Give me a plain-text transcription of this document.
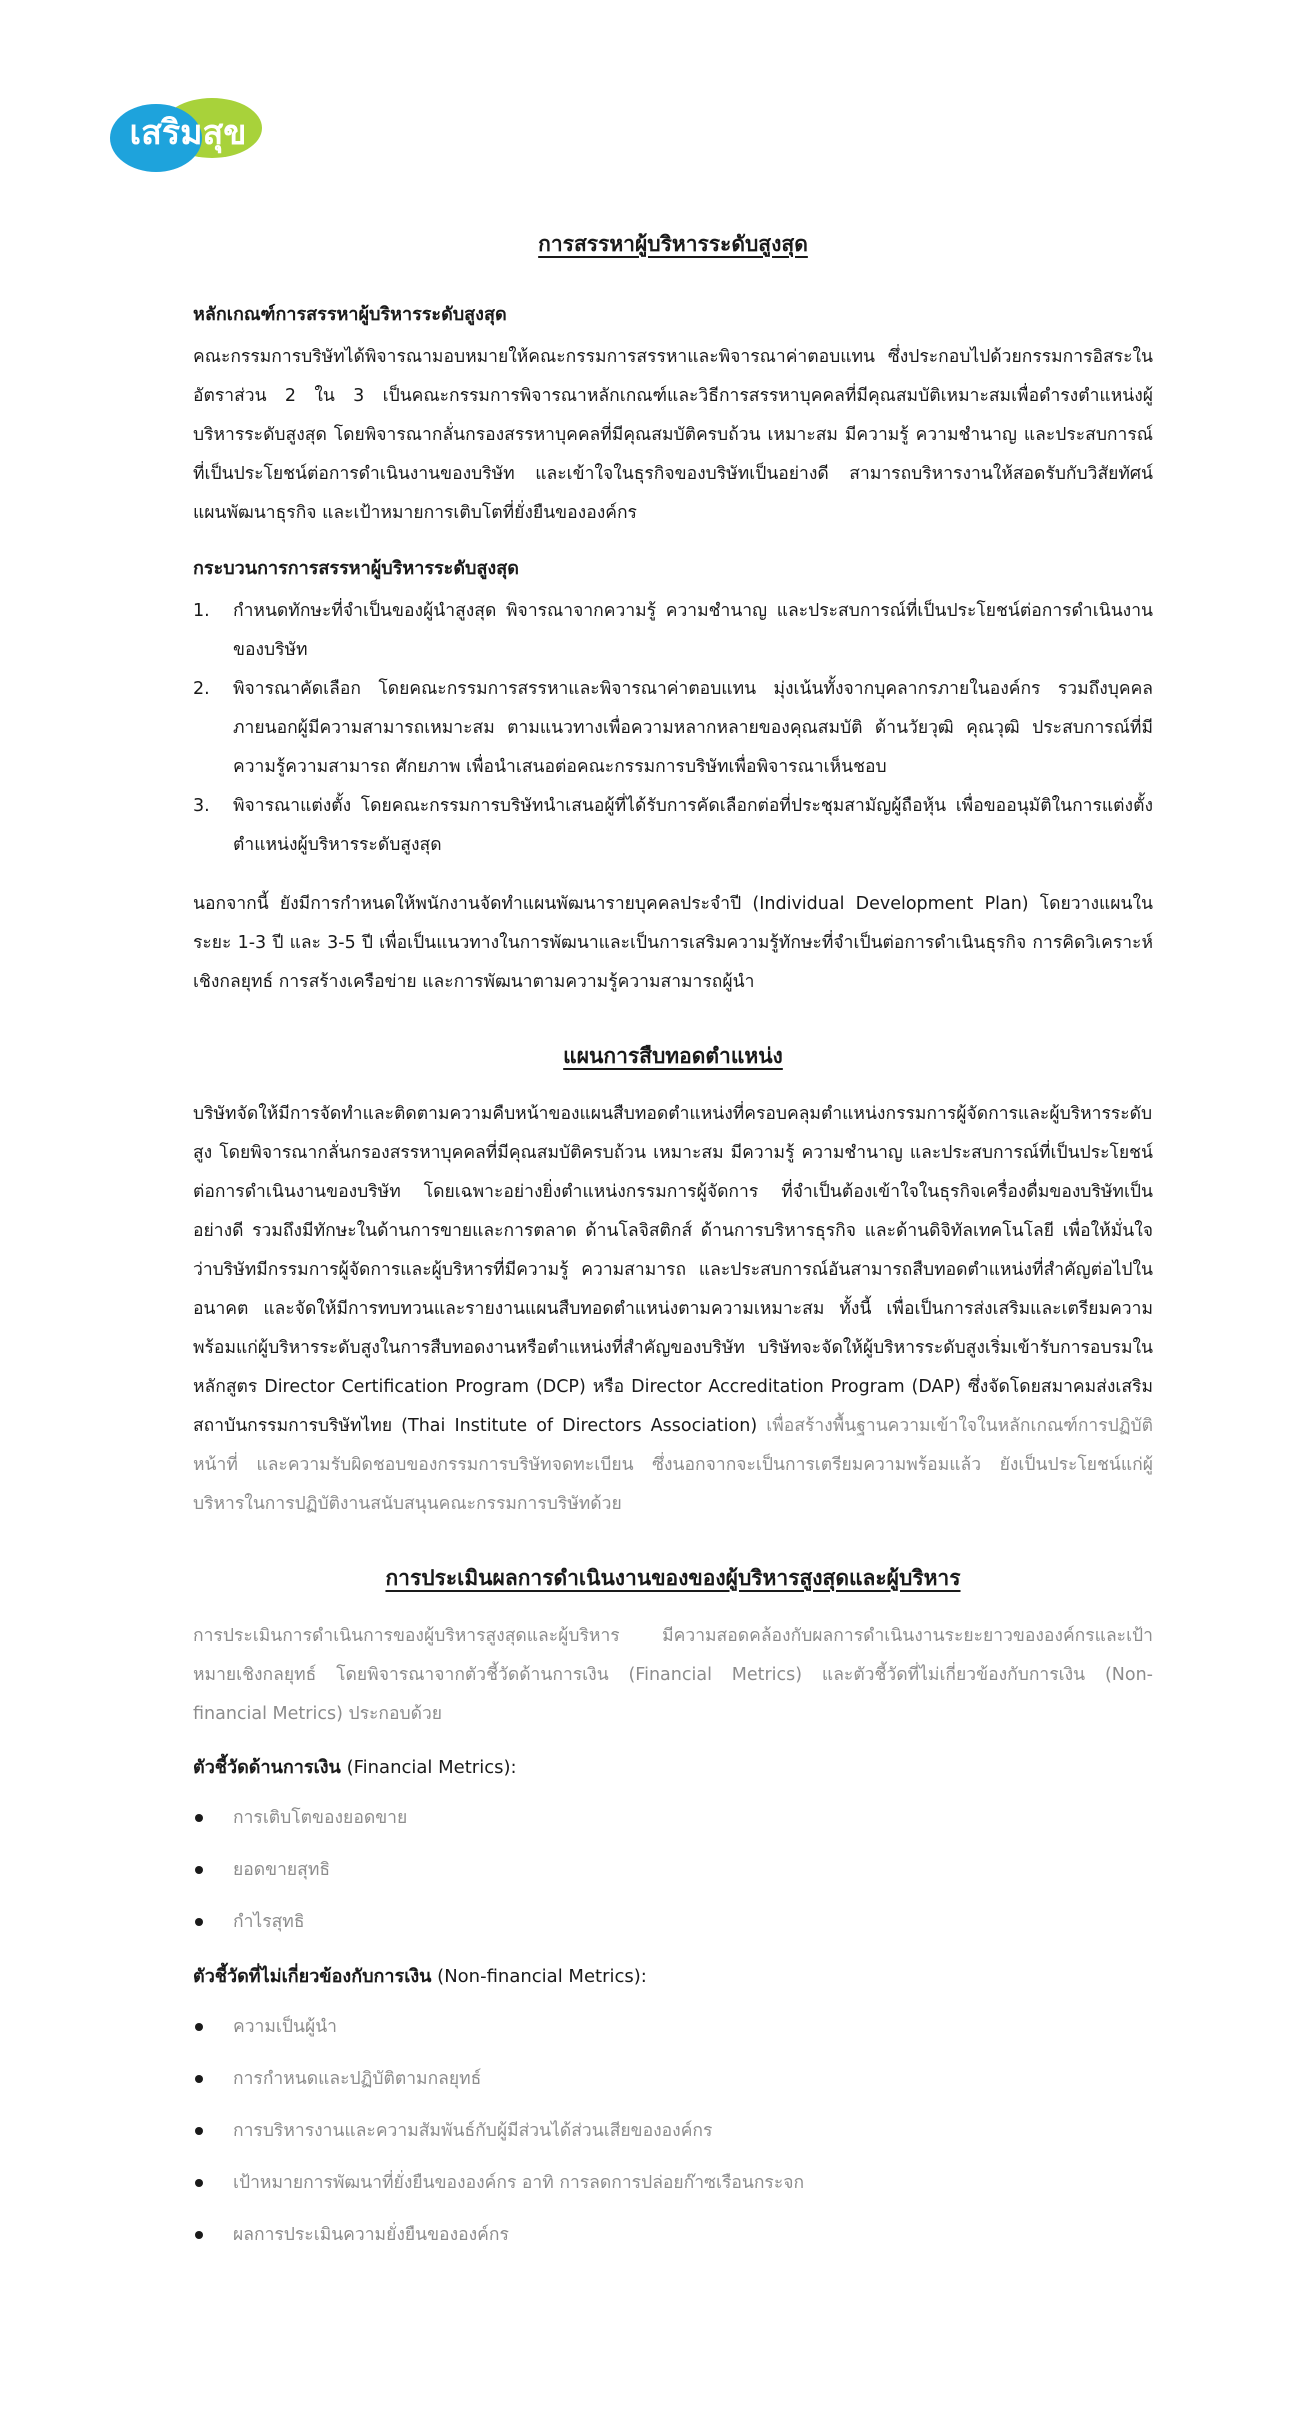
เสริมสุข
การสรรหาผู้บริหารระดับสูงสุด
หลักเกณฑ์การสรรหาผู้บริหารระดับสูงสุด

คณะกรรมการบริษัทได้พิจารณามอบหมายให้คณะกรรมการสรรหาและพิจารณาค่าตอบแทน ซึ่งประกอบไปด้วยกรรมการอิสระในอัตราส่วน 2 ใน 3 เป็นคณะกรรมการพิจารณาหลักเกณฑ์และวิธีการสรรหาบุคคลที่มีคุณสมบัติเหมาะสมเพื่อดำรงตำแหน่งผู้บริหารระดับสูงสุด โดยพิจารณากลั่นกรองสรรหาบุคคลที่มีคุณสมบัติครบถ้วน เหมาะสม มีความรู้ ความชำนาญ และประสบการณ์ที่เป็นประโยชน์ต่อการดำเนินงานของบริษัท และเข้าใจในธุรกิจของบริษัทเป็นอย่างดี สามารถบริหารงานให้สอดรับกับวิสัยทัศน์ แผนพัฒนาธุรกิจ และเป้าหมายการเติบโตที่ยั่งยืนขององค์กร

กระบวนการการสรรหาผู้บริหารระดับสูงสุด
1. กำหนดทักษะที่จำเป็นของผู้นำสูงสุด พิจารณาจากความรู้ ความชำนาญ และประสบการณ์ที่เป็นประโยชน์ต่อการดำเนินงานของบริษัท
2. พิจารณาคัดเลือก โดยคณะกรรมการสรรหาและพิจารณาค่าตอบแทน มุ่งเน้นทั้งจากบุคลากรภายในองค์กร รวมถึงบุคคลภายนอกผู้มีความสามารถเหมาะสม ตามแนวทางเพื่อความหลากหลายของคุณสมบัติ ด้านวัยวุฒิ คุณวุฒิ ประสบการณ์ที่มีความรู้ความสามารถ ศักยภาพ เพื่อนำเสนอต่อคณะกรรมการบริษัทเพื่อพิจารณาเห็นชอบ
3. พิจารณาแต่งตั้ง โดยคณะกรรมการบริษัทนำเสนอผู้ที่ได้รับการคัดเลือกต่อที่ประชุมสามัญผู้ถือหุ้น เพื่อขออนุมัติในการแต่งตั้งตำแหน่งผู้บริหารระดับสูงสุด

นอกจากนี้ ยังมีการกำหนดให้พนักงานจัดทำแผนพัฒนารายบุคคลประจำปี (Individual Development Plan) โดยวางแผนในระยะ 1-3 ปี และ 3-5 ปี เพื่อเป็นแนวทางในการพัฒนาและเป็นการเสริมความรู้ทักษะที่จำเป็นต่อการดำเนินธุรกิจ การคิดวิเคราะห์เชิงกลยุทธ์ การสร้างเครือข่าย และการพัฒนาตามความรู้ความสามารถผู้นำ

แผนการสืบทอดตำแหน่ง

บริษัทจัดให้มีการจัดทำและติดตามความคืบหน้าของแผนสืบทอดตำแหน่งที่ครอบคลุมตำแหน่งกรรมการผู้จัดการและผู้บริหารระดับสูง โดยพิจารณากลั่นกรองสรรหาบุคคลที่มีคุณสมบัติครบถ้วน เหมาะสม มีความรู้ ความชำนาญ และประสบการณ์ที่เป็นประโยชน์ต่อการดำเนินงานของบริษัท โดยเฉพาะอย่างยิ่งตำแหน่งกรรมการผู้จัดการ ที่จำเป็นต้องเข้าใจในธุรกิจเครื่องดื่มของบริษัทเป็นอย่างดี รวมถึงมีทักษะในด้านการขายและการตลาด ด้านโลจิสติกส์ ด้านการบริหารธุรกิจ และด้านดิจิทัลเทคโนโลยี เพื่อให้มั่นใจว่าบริษัทมีกรรมการผู้จัดการและผู้บริหารที่มีความรู้ ความสามารถ และประสบการณ์อันสามารถสืบทอดตำแหน่งที่สำคัญต่อไปในอนาคต และจัดให้มีการทบทวนและรายงานแผนสืบทอดตำแหน่งตามความเหมาะสม ทั้งนี้ เพื่อเป็นการส่งเสริมและเตรียมความพร้อมแก่ผู้บริหารระดับสูงในการสืบทอดงานหรือตำแหน่งที่สำคัญของบริษัท บริษัทจะจัดให้ผู้บริหารระดับสูงเริ่มเข้ารับการอบรมในหลักสูตร Director Certification Program (DCP) หรือ Director Accreditation Program (DAP) ซึ่งจัดโดยสมาคมส่งเสริมสถาบันกรรมการบริษัทไทย (Thai Institute of Directors Association) เพื่อสร้างพื้นฐานความเข้าใจในหลักเกณฑ์การปฏิบัติหน้าที่ และความรับผิดชอบของกรรมการบริษัทจดทะเบียน ซึ่งนอกจากจะเป็นการเตรียมความพร้อมแล้ว ยังเป็นประโยชน์แก่ผู้บริหารในการปฏิบัติงานสนับสนุนคณะกรรมการบริษัทด้วย

การประเมินผลการดำเนินงานของของผู้บริหารสูงสุดและผู้บริหาร

การประเมินการดำเนินการของผู้บริหารสูงสุดและผู้บริหาร มีความสอดคล้องกับผลการดำเนินงานระยะยาวขององค์กรและเป้าหมายเชิงกลยุทธ์ โดยพิจารณาจากตัวชี้วัดด้านการเงิน (Financial Metrics) และตัวชี้วัดที่ไม่เกี่ยวข้องกับการเงิน (Non-financial Metrics) ประกอบด้วย

ตัวชี้วัดด้านการเงิน (Financial Metrics):
การเติบโตของยอดขาย
ยอดขายสุทธิ
กำไรสุทธิ
ตัวชี้วัดที่ไม่เกี่ยวข้องกับการเงิน (Non-financial Metrics):
ความเป็นผู้นำ
การกำหนดและปฏิบัติตามกลยุทธ์
การบริหารงานและความสัมพันธ์กับผู้มีส่วนได้ส่วนเสียขององค์กร
เป้าหมายการพัฒนาที่ยั่งยืนขององค์กร อาทิ การลดการปล่อยก๊าซเรือนกระจก
ผลการประเมินความยั่งยืนขององค์กร
